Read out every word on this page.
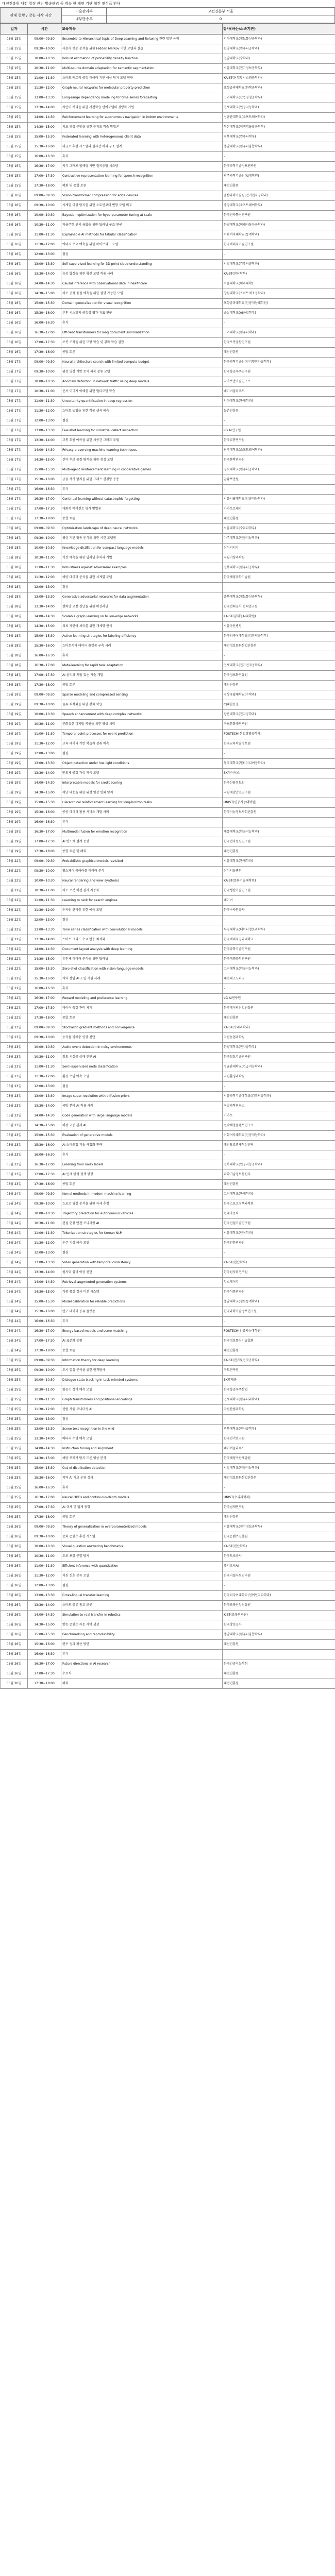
대전진흥원 대전 일정 관리 방송관리 중 계속 현 개편 기관 월간 편성표 안내
관제 현황 / 방송 시작 시간	기술관리부	고전진흥부 서울
	내부방송부	0
일자	시간	교육제목	강사(하는/소속기관)
05월 15일	09:00~09:30	Ensemble to Hierarchical topic of Deep Learning and Relaxing 관련 방안 논의	인하대학교(정보통신공학과)
05월 15일	09:30~10:00	사용자 행동 분석을 위한 Hidden Markov 기반 모델과 실습	한양대학교(컴퓨터공학과)
05월 15일	10:00~10:30	Robust estimation of probability density function	전남대학교(수학과)
05월 15일	10:30~11:00	Multi-source domain adaptation for semantic segmentation	서울대학교(전기정보공학부)
05월 15일	11:00~11:30	스마트 팩토리 공정 데이터 기반 이상 탐지 모델 연구	KAIST(산업및시스템공학과)
05월 15일	11:30~12:00	Graph neural networks for molecular property prediction	포항공과대학교(화학공학과)
05월 15일	13:00~13:30	Long-range dependency modeling for time series forecasting	고려대학교(산업경영공학부)
05월 15일	13:30~14:00	자연어 처리를 위한 사전학습 언어모델의 경량화 기법	연세대학교(인공지능학과)
05월 15일	14:00~14:30	Reinforcement learning for autonomous navigation in indoor environments	성균관대학교(소프트웨어학과)
05월 15일	14:30~15:00	의료 영상 분할을 위한 준지도 학습 방법론	부산대학교(의생명융합공학부)
05월 15일	15:00~15:30	Federated learning with heterogeneous client data	경북대학교(컴퓨터학부)
05월 15일	15:30~16:00	대규모 추천 시스템의 실시간 처리 구조 설계	충남대학교(컴퓨터융합학부)
05월 15일	16:00~16:30	휴식	-
05월 15일	16:30~17:00	지식 그래프 임베딩 기반 질의응답 시스템	한국과학기술정보연구원
05월 15일	17:00~17:30	Contrastive representation learning for speech recognition	광주과학기술원(AI대학원)
05월 15일	17:30~18:00	폐회 및 종합 토론	대전진흥원
05월 16일	09:00~09:30	Vision transformer compression for edge devices	울산과학기술원(전기전자공학과)
05월 16일	09:30~10:00	시계열 이상 탐지를 위한 오토인코더 변형 모델 비교	중앙대학교(소프트웨어학부)
05월 16일	10:00~10:30	Bayesian optimization for hyperparameter tuning at scale	한국전자통신연구원
05월 16일	10:30~11:00	자율주행 센서 융합을 위한 딥러닝 구조 연구	한양대학교(미래자동차공학과)
05월 16일	11:00~11:30	Explainable AI methods for tabular classification	이화여자대학교(통계학과)
05월 16일	11:30~12:00	에너지 수요 예측을 위한 하이브리드 모델	한국에너지기술연구원
05월 16일	12:00~13:00	점심	-
05월 16일	13:00~13:30	Self-supervised learning for 3D point cloud understanding	서강대학교(컴퓨터공학과)
05월 16일	13:30~14:00	음성 합성을 위한 확산 모델 적용 사례	KAIST(전산학부)
05월 16일	14:00~14:30	Causal inference with observational data in healthcare	서울대학교(의과대학)
05월 16일	14:30~15:00	제조 공정 품질 예측을 위한 설명 가능한 모델	창원대학교(스마트제조공학과)
05월 16일	15:00~15:30	Domain generalization for visual recognition	포항공과대학교(인공지능대학원)
05월 16일	15:30~16:00	추천 시스템의 공정성 평가 지표 연구	숭실대학교(AI융합학부)
05월 16일	16:00~16:30	휴식	-
05월 16일	16:30~17:00	Efficient transformers for long document summarization	고려대학교(컴퓨터학과)
05월 16일	17:00~17:30	로봇 조작을 위한 모방 학습 및 강화 학습 결합	한국로봇융합연구원
05월 16일	17:30~18:00	종합 토론	대전진흥원
05월 17일	09:00~09:30	Neural architecture search with limited compute budget	한국과학기술원(전기및전자공학부)
05월 17일	09:30~10:00	위성 영상 기반 토지 피복 분류 모델	한국항공우주연구원
05월 17일	10:00~10:30	Anomaly detection in network traffic using deep models	국가보안기술연구소
05월 17일	10:30~11:00	문서 이미지 이해를 위한 멀티모달 학습	네이버클라우드
05월 17일	11:00~11:30	Uncertainty quantification in deep regression	인하대학교(통계학과)
05월 17일	11:30~12:00	스마트 농업을 위한 작물 생육 예측	농촌진흥청
05월 17일	12:00~13:00	점심	-
05월 17일	13:00~13:30	Few-shot learning for industrial defect inspection	LG AI연구원
05월 17일	13:30~14:00	교통 흐름 예측을 위한 시공간 그래프 모델	한국교통연구원
05월 17일	14:00~14:30	Privacy-preserving machine learning techniques	단국대학교(소프트웨어학과)
05월 17일	14:30~15:00	신약 후보 물질 탐색을 위한 생성 모델	한국화학연구원
05월 17일	15:00~15:30	Multi-agent reinforcement learning in cooperative games	경희대학교(컴퓨터공학과)
05월 17일	15:30~16:00	금융 사기 탐지를 위한 그래프 신경망 응용	금융보안원
05월 17일	16:00~16:30	휴식	-
05월 17일	16:30~17:00	Continual learning without catastrophic forgetting	서울시립대학교(인공지능학과)
05월 17일	17:00~17:30	대화형 에이전트 평가 방법론	카카오브레인
05월 17일	17:30~18:00	종합 토론	대전진흥원
05월 18일	09:00~09:30	Optimization landscape of deep neural networks	서울대학교(수리과학부)
05월 18일	09:30~10:00	영상 기반 행동 인식을 위한 시간 모델링	아주대학교(인공지능학과)
05월 18일	10:00~10:30	Knowledge distillation for compact language models	삼성리서치
05월 18일	10:30~11:00	기상 예측을 위한 딥러닝 후처리 기법	국립기상과학원
05월 18일	11:00~11:30	Robustness against adversarial examples	전북대학교(컴퓨터공학부)
05월 18일	11:30~12:00	해양 데이터 분석을 위한 시계열 모델	한국해양과학기술원
05월 18일	12:00~13:00	점심	-
05월 18일	13:00~13:30	Generative adversarial networks for data augmentation	충북대학교(정보통신공학부)
05월 18일	13:30~14:00	전력망 고장 진단을 위한 머신러닝	한국전력공사 전력연구원
05월 18일	14:00~14:30	Scalable graph learning on billion-edge networks	KAIST(김재철AI대학원)
05월 18일	14:30~15:00	의료 자연어 처리를 위한 개체명 인식	서울아산병원
05월 18일	15:00~15:30	Active learning strategies for labeling efficiency	한국외국어대학교(컴퓨터공학부)
05월 18일	15:30~16:00	스마트시티 데이터 플랫폼 구축 사례	대전정보문화산업진흥원
05월 18일	16:00~16:30	휴식	-
05월 18일	16:30~17:00	Meta-learning for rapid task adaptation	연세대학교(전기전자공학부)
05월 18일	17:00~17:30	AI 윤리와 책임 있는 기술 개발	한국정보화진흥원
05월 18일	17:30~18:00	종합 토론	대전진흥원
05월 19일	09:00~09:30	Sparse modeling and compressed sensing	경상국립대학교(수학과)
05월 19일	09:30~10:00	물류 최적화를 위한 강화 학습	CJ대한통운
05월 19일	10:00~10:30	Speech enhancement with deep complex networks	광운대학교(전자공학과)
05월 19일	10:30~11:00	문화유산 디지털 복원을 위한 영상 처리	국립문화재연구원
05월 19일	11:00~11:30	Temporal point processes for event prediction	POSTECH(산업경영공학과)
05월 19일	11:30~12:00	교육 데이터 기반 학습자 성취 예측	한국교육학술정보원
05월 19일	12:00~13:00	점심	-
05월 19일	13:00~13:30	Object detection under low-light conditions	동국대학교(멀티미디어공학과)
05월 19일	13:30~14:00	반도체 공정 가상 계측 모델	SK하이닉스
05월 19일	14:00~14:30	Interpretable models for credit scoring	한국신용정보원
05월 19일	14:30~15:00	재난 대응을 위한 위성 영상 변화 탐지	국립재난안전연구원
05월 19일	15:00~15:30	Hierarchical reinforcement learning for long-horizon tasks	UNIST(인공지능대학원)
05월 19일	15:30~16:00	공공 데이터 활용 서비스 개발 사례	한국지능정보사회진흥원
05월 19일	16:00~16:30	휴식	-
05월 19일	16:30~17:00	Multimodal fusion for emotion recognition	세종대학교(인공지능학과)
05월 19일	17:00~17:30	AI 반도체 설계 동향	한국전자통신연구원
05월 19일	17:30~18:00	종합 토론 및 폐회	대전진흥원
05월 22일	09:00~09:30	Probabilistic graphical models revisited	서울대학교(통계학과)
05월 22일	09:30~10:00	헬스케어 웨어러블 데이터 분석	삼성서울병원
05월 22일	10:00~10:30	Neural rendering and view synthesis	KAIST(문화기술대학원)
05월 22일	10:30~11:00	제조 로봇 비전 검사 자동화	한국생산기술연구원
05월 22일	11:00~11:30	Learning to rank for search engines	네이버
05월 22일	11:30~12:00	수자원 관리를 위한 예측 모델	한국수자원공사
05월 22일	12:00~13:00	점심	-
05월 22일	13:00~13:30	Time series classification with convolutional models	부경대학교(데이터정보과학부)
05월 22일	13:30~14:00	스마트 그리드 수요 반응 최적화	한국에너지공과대학교
05월 22일	14:00~14:30	Document layout analysis with deep learning	한국과학기술연구원
05월 22일	14:30~15:00	유전체 데이터 분석을 위한 딥러닝	한국생명공학연구원
05월 22일	15:00~15:30	Zero-shot classification with vision-language models	고려대학교(인공지능학과)
05월 22일	15:30~16:00	지역 산업 AI 도입 지원 사례	대전테크노파크
05월 22일	16:00~16:30	휴식	-
05월 22일	16:30~17:00	Reward modeling and preference learning	LG AI연구원
05월 22일	17:00~17:30	데이터 품질 관리 체계	한국데이터산업진흥원
05월 22일	17:30~18:00	종합 토론	대전진흥원
05월 23일	09:00~09:30	Stochastic gradient methods and convergence	KAIST(수리과학과)
05월 23일	09:30~10:00	농작물 병해충 영상 진단	국립농업과학원
05월 23일	10:00~10:30	Audio event detection in noisy environments	한양대학교(전자공학부)
05월 23일	10:30~11:00	철도 시설물 상태 진단 AI	한국철도기술연구원
05월 23일	11:00~11:30	Semi-supervised node classification	성균관대학교(인공지능학과)
05월 23일	11:30~12:00	환경 오염 예측 모델	국립환경과학원
05월 23일	12:00~13:00	점심	-
05월 23일	13:00~13:30	Image super-resolution with diffusion priors	서울과학기술대학교(컴퓨터공학과)
05월 23일	13:30~14:00	국방 분야 AI 적용 사례	국방과학연구소
05월 23일	14:00~14:30	Code generation with large language models	카카오
05월 23일	14:30~15:00	해상 교통 관제 AI	선박해양플랜트연구소
05월 23일	15:00~15:30	Evaluation of generative models	이화여자대학교(인공지능학과)
05월 23일	15:30~16:00	AI 스타트업 기술 사업화 전략	대전창조경제혁신센터
05월 23일	16:00~16:30	휴식	-
05월 23일	16:30~17:00	Learning from noisy labels	인하대학교(인공지능공학과)
05월 23일	17:00~17:30	AI 인재 양성 정책 방향	과학기술정보통신부
05월 23일	17:30~18:00	종합 토론	대전진흥원
05월 24일	09:00~09:30	Kernel methods in modern machine learning	고려대학교(통계학과)
05월 24일	09:30~10:00	스포츠 영상 분석을 위한 자세 추정	한국스포츠정책과학원
05월 24일	10:00~10:30	Trajectory prediction for autonomous vehicles	현대자동차
05월 24일	10:30~11:00	건설 현장 안전 모니터링 AI	한국건설기술연구원
05월 24일	11:00~11:30	Tokenization strategies for Korean NLP	서울대학교(언어학과)
05월 24일	11:30~12:00	우주 기상 예측 모델	한국천문연구원
05월 24일	12:00~13:00	점심	-
05월 24일	13:00~13:30	Video generation with temporal consistency	KAIST(전산학부)
05월 24일	13:30~14:00	원자력 설비 이상 진단	한국원자력연구원
05월 24일	14:00~14:30	Retrieval-augmented generation systems	업스테이지
05월 24일	14:30~15:00	식품 품질 검사 비전 시스템	한국식품연구원
05월 24일	15:00~15:30	Model calibration for reliable predictions	충남대학교(정보통계학과)
05월 24일	15:30~16:00	연구 데이터 공유 플랫폼	한국과학기술정보연구원
05월 24일	16:00~16:30	휴식	-
05월 24일	16:30~17:00	Energy-based models and score matching	POSTECH(인공지능대학원)
05월 24일	17:00~17:30	AI 표준화 동향	한국정보통신기술협회
05월 24일	17:30~18:00	종합 토론	대전진흥원
05월 25일	09:00~09:30	Information theory for deep learning	KAIST(전기및전자공학부)
05월 25일	09:30~10:00	도시 열섬 분석을 위한 원격탐사	국토연구원
05월 25일	10:00~10:30	Dialogue state tracking in task-oriented systems	SK텔레콤
05월 25일	10:30~11:00	항공기 정비 예측 모델	한국항공우주산업
05월 25일	11:00~11:30	Graph transformers and positional encodings	연세대학교(컴퓨터과학과)
05월 25일	11:30~12:00	산림 자원 모니터링 AI	국립산림과학원
05월 25일	12:00~13:00	점심	-
05월 25일	13:00~13:30	Scene text recognition in the wild	경북대학교(전자공학부)
05월 25일	13:30~14:00	배터리 수명 예측 모델	한국전기연구원
05월 25일	14:00~14:30	Instruction tuning and alignment	네이버클라우드
05월 25일	14:30~15:00	해양 쓰레기 탐지 드론 영상 분석	한국해양수산개발원
05월 25일	15:00~15:30	Out-of-distribution detection	서강대학교(인공지능학과)
05월 25일	15:30~16:00	지역 AI 허브 운영 성과	대전정보문화산업진흥원
05월 25일	16:00~16:30	휴식	-
05월 25일	16:30~17:00	Neural ODEs and continuous-depth models	UNIST(수리과학과)
05월 25일	17:00~17:30	AI 규제 및 법제 동향	한국법제연구원
05월 25일	17:30~18:00	종합 토론	대전진흥원
05월 26일	09:00~09:30	Theory of generalization in overparameterized models	서울대학교(전기정보공학부)
05월 26일	09:30~10:00	문화 콘텐츠 추천 시스템	한국콘텐츠진흥원
05월 26일	10:00~10:30	Visual question answering benchmarks	KAIST(전산학부)
05월 26일	10:30~11:00	도로 포장 균열 탐지	한국도로공사
05월 26일	11:00~11:30	Efficient inference with quantization	퓨리오사AI
05월 26일	11:30~12:00	지진 신호 분류 모델	한국지질자원연구원
05월 26일	12:00~13:00	점심	-
05월 26일	13:00~13:30	Cross-lingual transfer learning	한국외국어대학교(언어인지과학과)
05월 26일	13:30~14:00	스마트 물류 창고 로봇	한국로봇산업진흥원
05월 26일	14:00~14:30	Simulation-to-real transfer in robotics	KIST(로봇연구단)
05월 26일	14:30~15:00	방송 콘텐츠 자동 자막 생성	한국방송공사
05월 26일	15:00~15:30	Benchmarking and reproducibility	충남대학교(컴퓨터융합학부)
05월 26일	15:30~16:00	연구 성과 확산 방안	대전진흥원
05월 26일	16:00~16:30	휴식	-
05월 26일	16:30~17:00	Future directions in AI research	한국인공지능학회
05월 26일	17:00~17:30	수료식	대전진흥원
05월 26일	17:30~18:00	폐회	대전진흥원
